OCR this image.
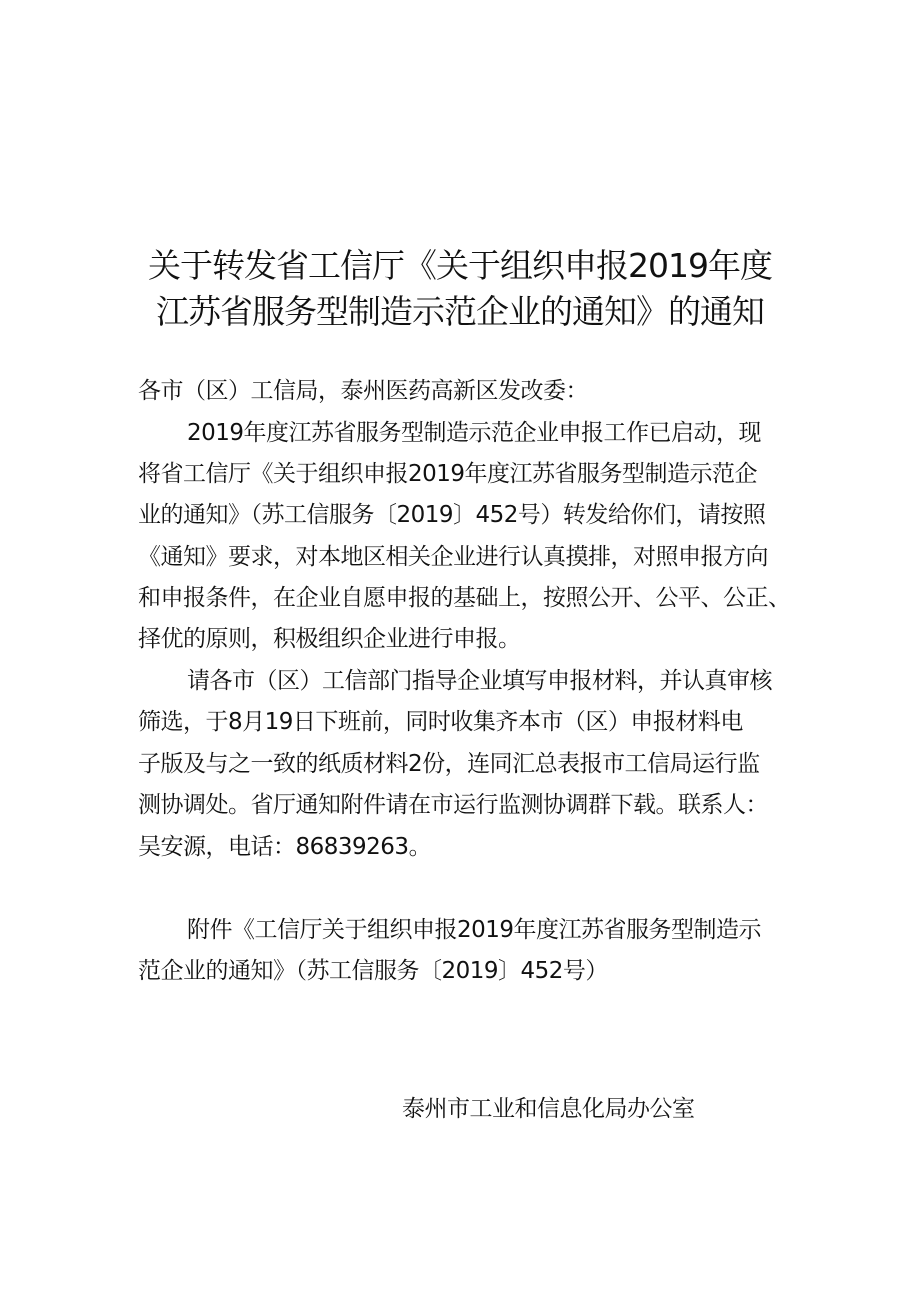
关于转发省工信厅《关于组织申报2019年度
江苏省服务型制造示范企业的通知》的通知
各市（区）工信局，泰州医药高新区发改委：
2019年度江苏省服务型制造示范企业申报工作已启动，现
将省工信厅《关于组织申报2019年度江苏省服务型制造示范企
业的通知》（苏工信服务〔2019〕452号）转发给你们，请按照
《通知》要求，对本地区相关企业进行认真摸排，对照申报方向
和申报条件，在企业自愿申报的基础上，按照公开、公平、公正、
择优的原则，积极组织企业进行申报。
请各市（区）工信部门指导企业填写申报材料，并认真审核
筛选，于8月19日下班前，同时收集齐本市（区）申报材料电
子版及与之一致的纸质材料2份，连同汇总表报市工信局运行监
测协调处。省厅通知附件请在市运行监测协调群下载。联系人：
吴安源，电话：86839263。
附件《工信厅关于组织申报2019年度江苏省服务型制造示
范企业的通知》（苏工信服务〔2019〕452号）
泰州市工业和信息化局办公室
